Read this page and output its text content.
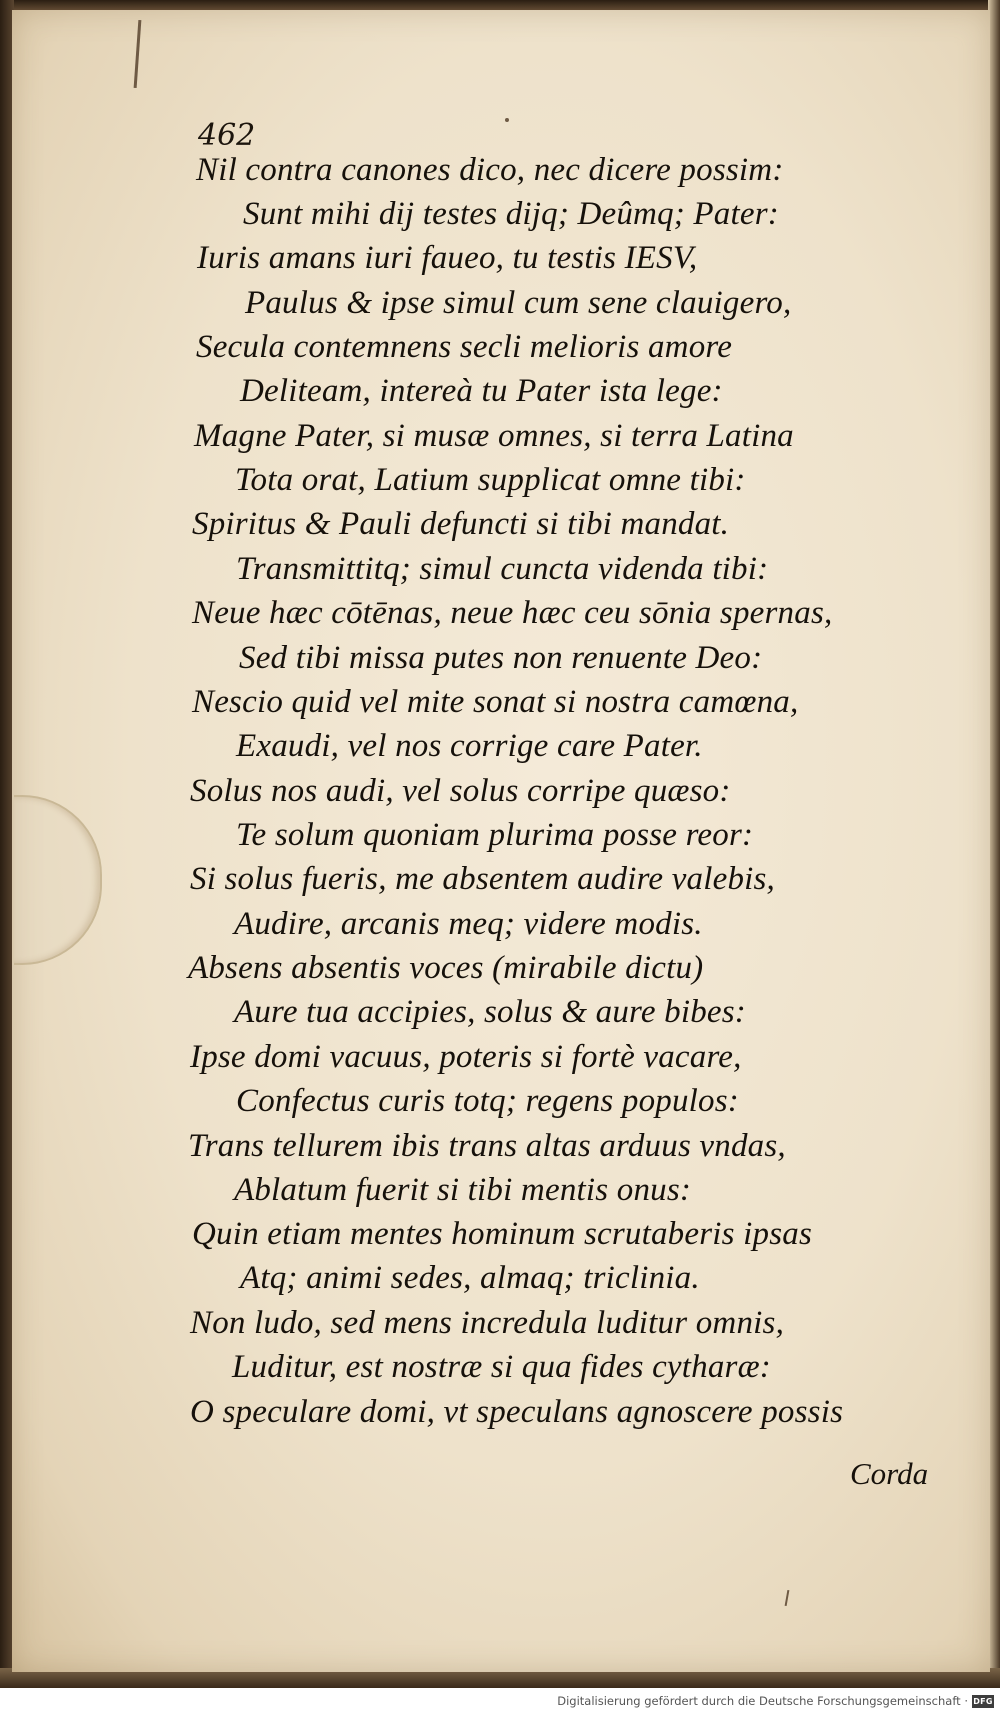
462
Nil contra canones dico, nec dicere possim:
Sunt mihi dij testes dijq; Deûmq; Pater:
Iuris amans iuri faueo, tu testis IESV,
Paulus & ipse simul cum sene clauigero,
Secula contemnens secli melioris amore
Deliteam, intereà tu Pater ista lege:
Magne Pater, si musæ omnes, si terra Latina
Tota orat, Latium supplicat omne tibi:
Spiritus & Pauli defuncti si tibi mandat.
Transmittitq; simul cuncta videnda tibi:
Neue hæc cōtēnas, neue hæc ceu sōnia spernas,
Sed tibi missa putes non renuente Deo:
Nescio quid vel mite sonat si nostra camœna,
Exaudi, vel nos corrige care Pater.
Solus nos audi, vel solus corripe quæso:
Te solum quoniam plurima posse reor:
Si solus fueris, me absentem audire valebis,
Audire, arcanis meq; videre modis.
Absens absentis voces (mirabile dictu)
Aure tua accipies, solus & aure bibes:
Ipse domi vacuus, poteris si fortè vacare,
Confectus curis totq; regens populos:
Trans tellurem ibis trans altas arduus vndas,
Ablatum fuerit si tibi mentis onus:
Quin etiam mentes hominum scrutaberis ipsas
Atq; animi sedes, almaq; triclinia.
Non ludo, sed mens incredula luditur omnis,
Luditur, est nostræ si qua fides cytharæ:
O speculare domi, vt speculans agnoscere possis
Corda
Digitalisierung gefördert durch die Deutsche Forschungsgemeinschaft · DFG
